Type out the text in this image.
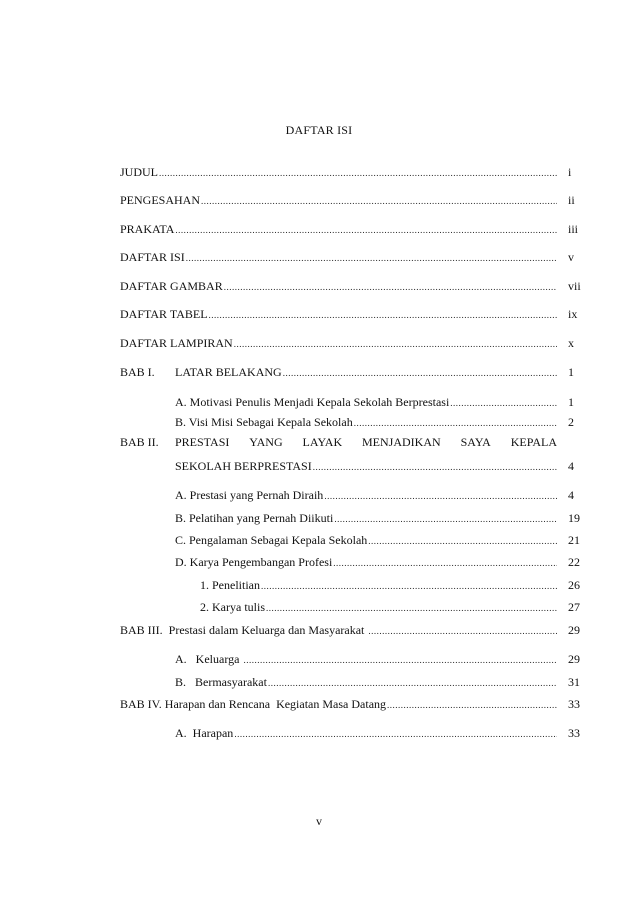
DAFTAR ISI
JUDUL .....	i
PENGESAHAN .....	ii
PRAKATA .....	iii
DAFTAR ISI .....	v
DAFTAR GAMBAR .....	vii
DAFTAR TABEL .....	ix
DAFTAR LAMPIRAN .....	x
BAB I. LATAR BELAKANG .....	1
A. Motivasi Penulis Menjadi Kepala Sekolah Berprestasi .....	1
B. Visi Misi Sebagai Kepala Sekolah .....	2
BAB II. PRESTASI YANG LAYAK MENJADIKAN SAYA KEPALA
SEKOLAH BERPRESTASI .....	4
A. Prestasi yang Pernah Diraih .....	4
B. Pelatihan yang Pernah Diikuti .....	19
C. Pengalaman Sebagai Kepala Sekolah .....	21
D. Karya Pengembangan Profesi .....	22
1. Penelitian .....	26
2. Karya tulis .....	27
BAB III.  Prestasi dalam Keluarga dan Masyarakat .....	29
A.   Keluarga .....	29
B.   Bermasyarakat .....	31
BAB IV. Harapan dan Rencana  Kegiatan Masa Datang .....	33
A.  Harapan .....	33
v
